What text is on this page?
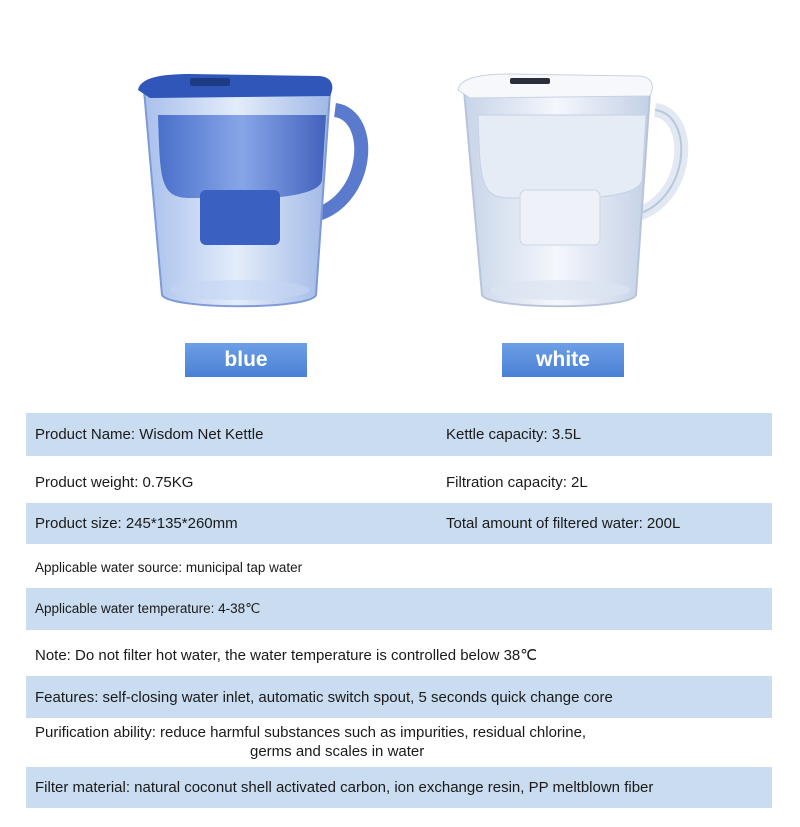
blue	white
Product Name: Wisdom Net Kettle	Kettle capacity: 3.5L
Product weight: 0.75KG	Filtration capacity: 2L
Product size: 245*135*260mm	Total amount of filtered water: 200L
Applicable water source: municipal tap water
Applicable water temperature: 4-38℃
Note: Do not filter hot water, the water temperature is controlled below 38℃
Features: self-closing water inlet, automatic switch spout, 5 seconds quick change core
Purification ability: reduce harmful substances such as impurities, residual chlorine,
germs and scales in water
Filter material: natural coconut shell activated carbon, ion exchange resin, PP meltblown fiber
